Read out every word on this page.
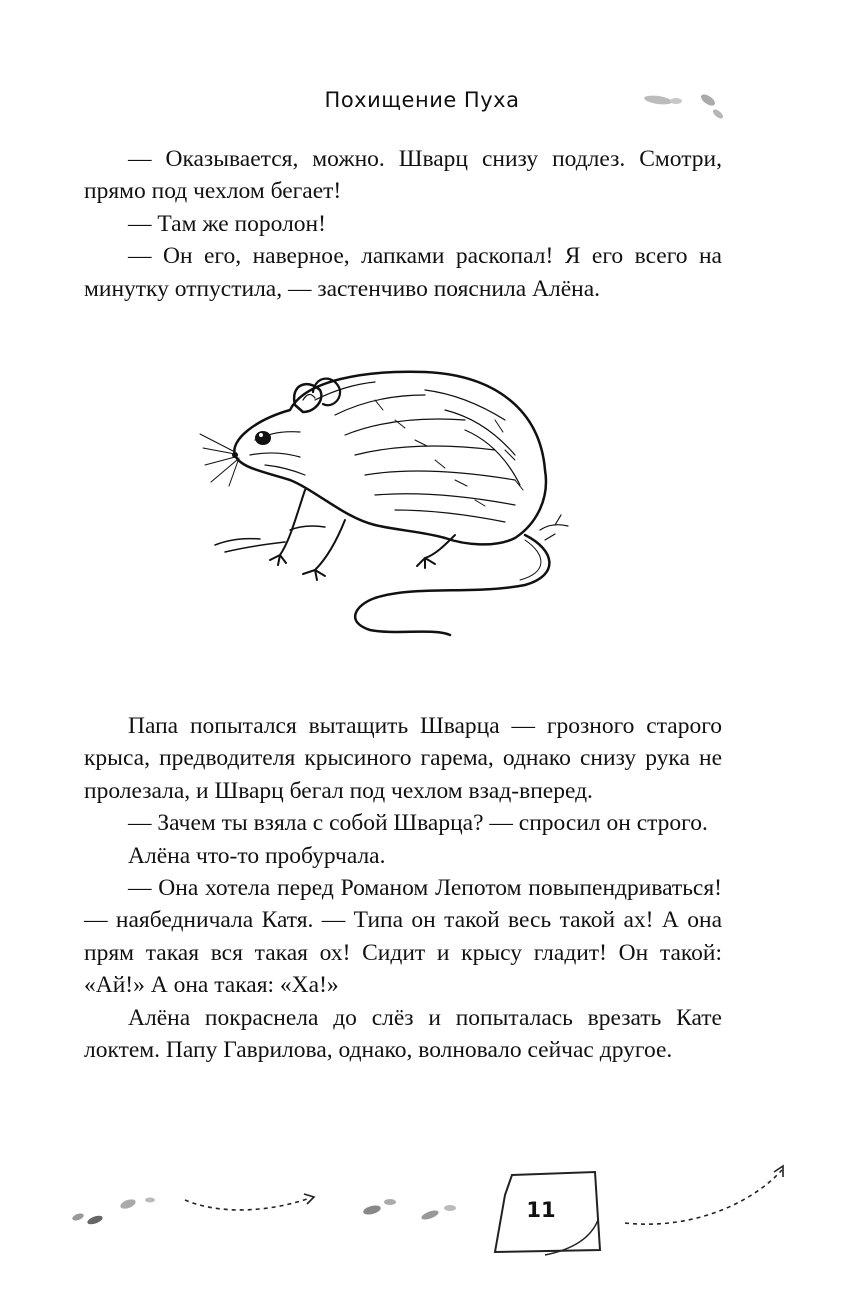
Похищение Пуха

— Оказывается, можно. Шварц снизу подлез. Смотри, прямо под чехлом бегает!

— Там же поролон!

— Он его, наверное, лапками раскопал! Я его всего на минутку отпустила, — застенчиво пояснила Алёна.

Папа попытался вытащить Шварца — грозного старого крыса, предводителя крысиного гарема, однако снизу рука не пролезала, и Шварц бегал под чехлом взад-вперед.

— Зачем ты взяла с собой Шварца? — спросил он строго.

Алёна что-то пробурчала.

— Она хотела перед Романом Лепотом повыпендриваться! — наябедничала Катя. — Типа он такой весь такой ах! А она прям такая вся такая ох! Сидит и крысу гладит! Он такой: «Ай!» А она такая: «Ха!»

Алёна покраснела до слёз и попыталась врезать Кате локтем. Папу Гаврилова, однако, волновало сейчас другое.

11
